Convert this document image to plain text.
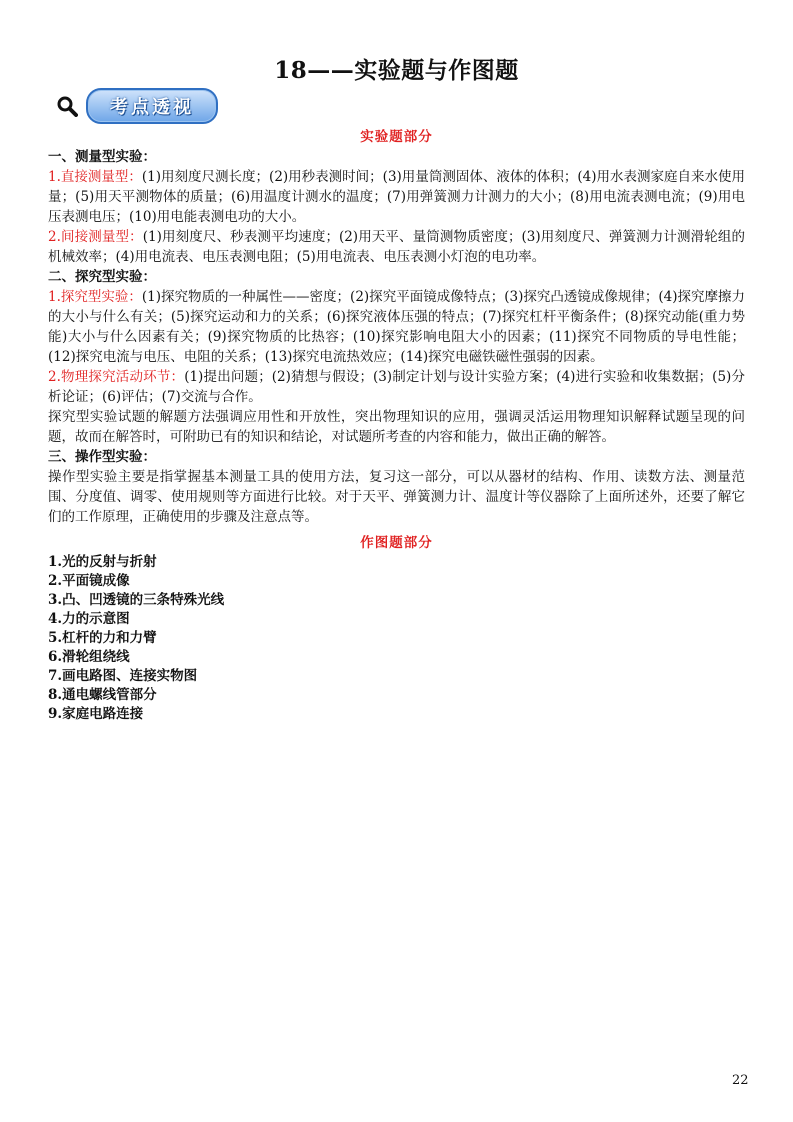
18——实验题与作图题
考点透视
实验题部分
一、测量型实验：
1.直接测量型：(1)用刻度尺测长度；(2)用秒表测时间；(3)用量筒测固体、液体的体积；(4)用水表测家庭自来水使用量；(5)用天平测物体的质量；(6)用温度计测水的温度；(7)用弹簧测力计测力的大小；(8)用电流表测电流；(9)用电压表测电压；(10)用电能表测电功的大小。
2.间接测量型：(1)用刻度尺、秒表测平均速度；(2)用天平、量筒测物质密度；(3)用刻度尺、弹簧测力计测滑轮组的机械效率；(4)用电流表、电压表测电阻；(5)用电流表、电压表测小灯泡的电功率。
二、探究型实验：
1.探究型实验：(1)探究物质的一种属性——密度；(2)探究平面镜成像特点；(3)探究凸透镜成像规律；(4)探究摩擦力的大小与什么有关；(5)探究运动和力的关系；(6)探究液体压强的特点；(7)探究杠杆平衡条件；(8)探究动能(重力势能)大小与什么因素有关；(9)探究物质的比热容；(10)探究影响电阻大小的因素；(11)探究不同物质的导电性能；(12)探究电流与电压、电阻的关系；(13)探究电流热效应；(14)探究电磁铁磁性强弱的因素。
2.物理探究活动环节：(1)提出问题；(2)猜想与假设；(3)制定计划与设计实验方案；(4)进行实验和收集数据；(5)分析论证；(6)评估；(7)交流与合作。
探究型实验试题的解题方法强调应用性和开放性，突出物理知识的应用，强调灵活运用物理知识解释试题呈现的问题，故而在解答时，可附助已有的知识和结论，对试题所考查的内容和能力，做出正确的解答。
三、操作型实验：
操作型实验主要是指掌握基本测量工具的使用方法，复习这一部分，可以从器材的结构、作用、读数方法、测量范围、分度值、调零、使用规则等方面进行比较。对于天平、弹簧测力计、温度计等仪器除了上面所述外，还要了解它们的工作原理，正确使用的步骤及注意点等。
作图题部分
1.光的反射与折射
2.平面镜成像
3.凸、凹透镜的三条特殊光线
4.力的示意图
5.杠杆的力和力臂
6.滑轮组绕线
7.画电路图、连接实物图
8.通电螺线管部分
9.家庭电路连接
22
